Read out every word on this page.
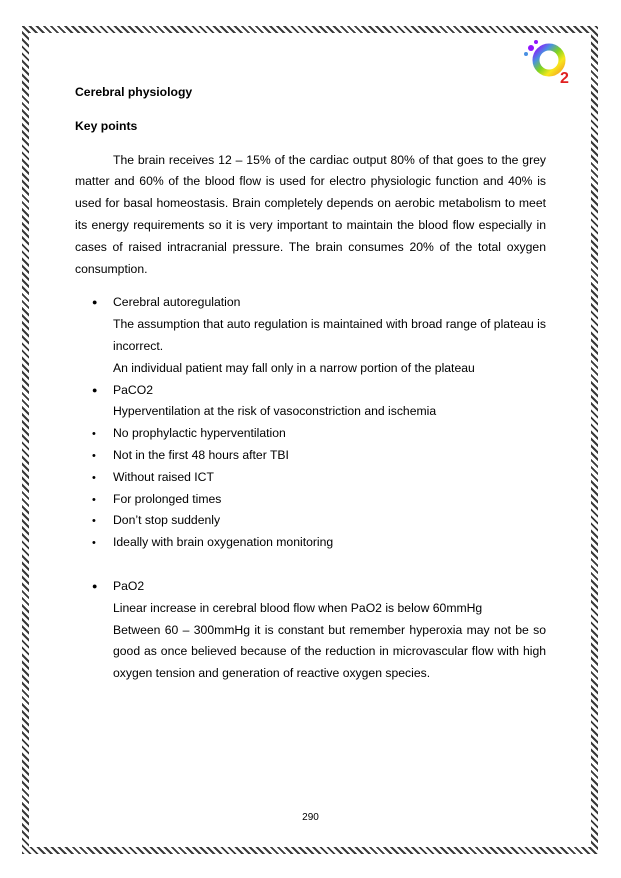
2

Cerebral physiology

Key points

The brain receives 12 – 15% of the cardiac output 80% of that goes to the grey matter and 60% of the blood flow is used for electro physiologic function and 40% is used for basal homeostasis. Brain completely depends on aerobic metabolism to meet its energy requirements so it is very important to maintain the blood flow especially in cases of raised intracranial pressure. The brain consumes 20% of the total oxygen consumption.

●

Cerebral autoregulation

The assumption that auto regulation is maintained with broad range of plateau is incorrect.

An individual patient may fall only in a narrow portion of the plateau

●

PaCO2

Hyperventilation at the risk of vasoconstriction and ischemia

•
No prophylactic hyperventilation
•
Not in the first 48 hours after TBI
•
Without raised ICT
•
For prolonged times
•
Don’t stop suddenly
•
Ideally with brain oxygenation monitoring
●

PaO2

Linear increase in cerebral blood flow when PaO2 is below 60mmHg

Between 60 – 300mmHg it is constant but remember hyperoxia may not be so good as once believed because of the reduction in microvascular flow with high oxygen tension and generation of reactive oxygen species.

290
